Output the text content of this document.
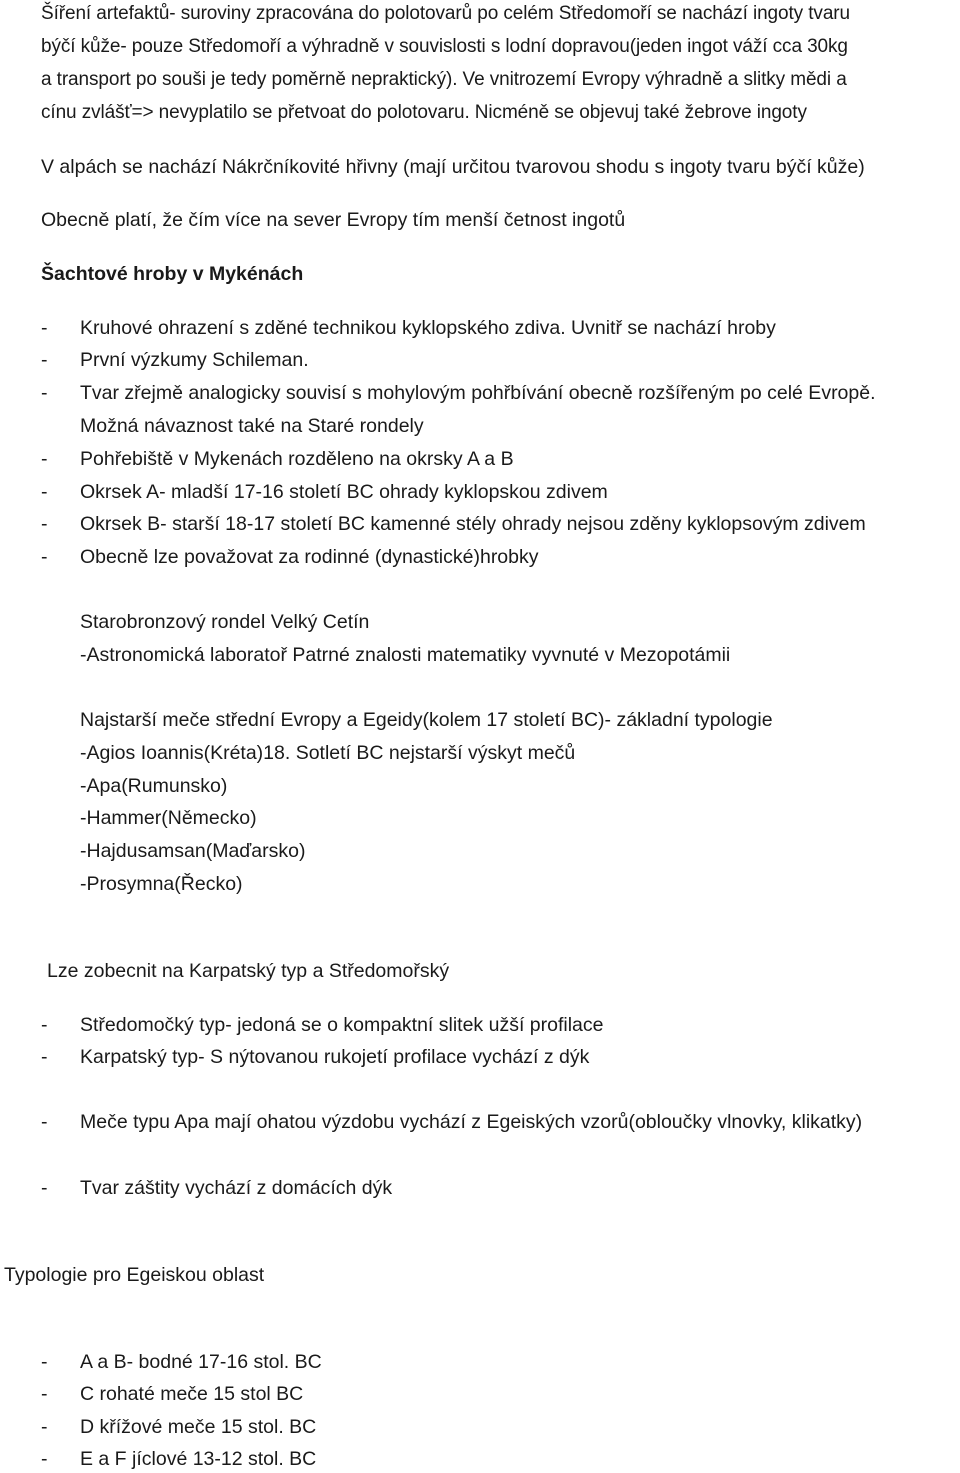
Šíření artefaktů- suroviny zpracována do polotovarů po celém Středomoří se nachází ingoty tvaru
býčí kůže- pouze Středomoří a výhradně v souvislosti s lodní dopravou(jeden ingot váží cca 30kg
a transport po souši je tedy poměrně nepraktický). Ve vnitrozemí Evropy výhradně a slitky mědi a
cínu zvlášť=> nevyplatilo se přetvoat do polotovaru. Nicméně se objevuj také žebrove ingoty
V alpách se nachází Nákrčníkovité hřivny (mají určitou tvarovou shodu s ingoty tvaru býčí kůže)
Obecně platí, že čím více na sever Evropy tím menší četnost ingotů
Šachtové hroby v Mykénách
- Kruhové ohrazení s zděné technikou kyklopského zdiva. Uvnitř se nachází hroby
- První výzkumy Schileman.
- Tvar zřejmě analogicky souvisí s mohylovým pohřbívání obecně rozšířeným po celé Evropě.
Možná návaznost také na Staré rondely
- Pohřebiště v Mykenách rozděleno na okrsky A a B
- Okrsek A- mladší 17-16 století BC ohrady kyklopskou zdivem
- Okrsek B- starší 18-17 století BC kamenné stély ohrady nejsou zděny kyklopsovým zdivem
- Obecně lze považovat za rodinné (dynastické)hrobky
Starobronzový rondel Velký Cetín
-Astronomická laboratoř Patrné znalosti matematiky vyvnuté v Mezopotámii
Najstarší meče střední Evropy a Egeidy(kolem 17 století BC)- základní typologie
-Agios Ioannis(Kréta)18. Sotletí BC nejstarší výskyt mečů
-Apa(Rumunsko)
-Hammer(Německo)
-Hajdusamsan(Maďarsko)
-Prosymna(Řecko)
Lze zobecnit na Karpatský typ a Středomořský
- Středomočký typ- jedoná se o kompaktní slitek užší profilace
- Karpatský typ- S nýtovanou rukojetí profilace vychází z dýk
- Meče typu Apa mají ohatou výzdobu vychází z Egeiských vzorů(obloučky vlnovky, klikatky)
- Tvar záštity vychází z domácích dýk
Typologie pro Egeiskou oblast
- A a B- bodné 17-16 stol. BC
- C rohaté meče 15 stol BC
- D křížové meče 15 stol. BC
- E a F jíclové 13-12 stol. BC
